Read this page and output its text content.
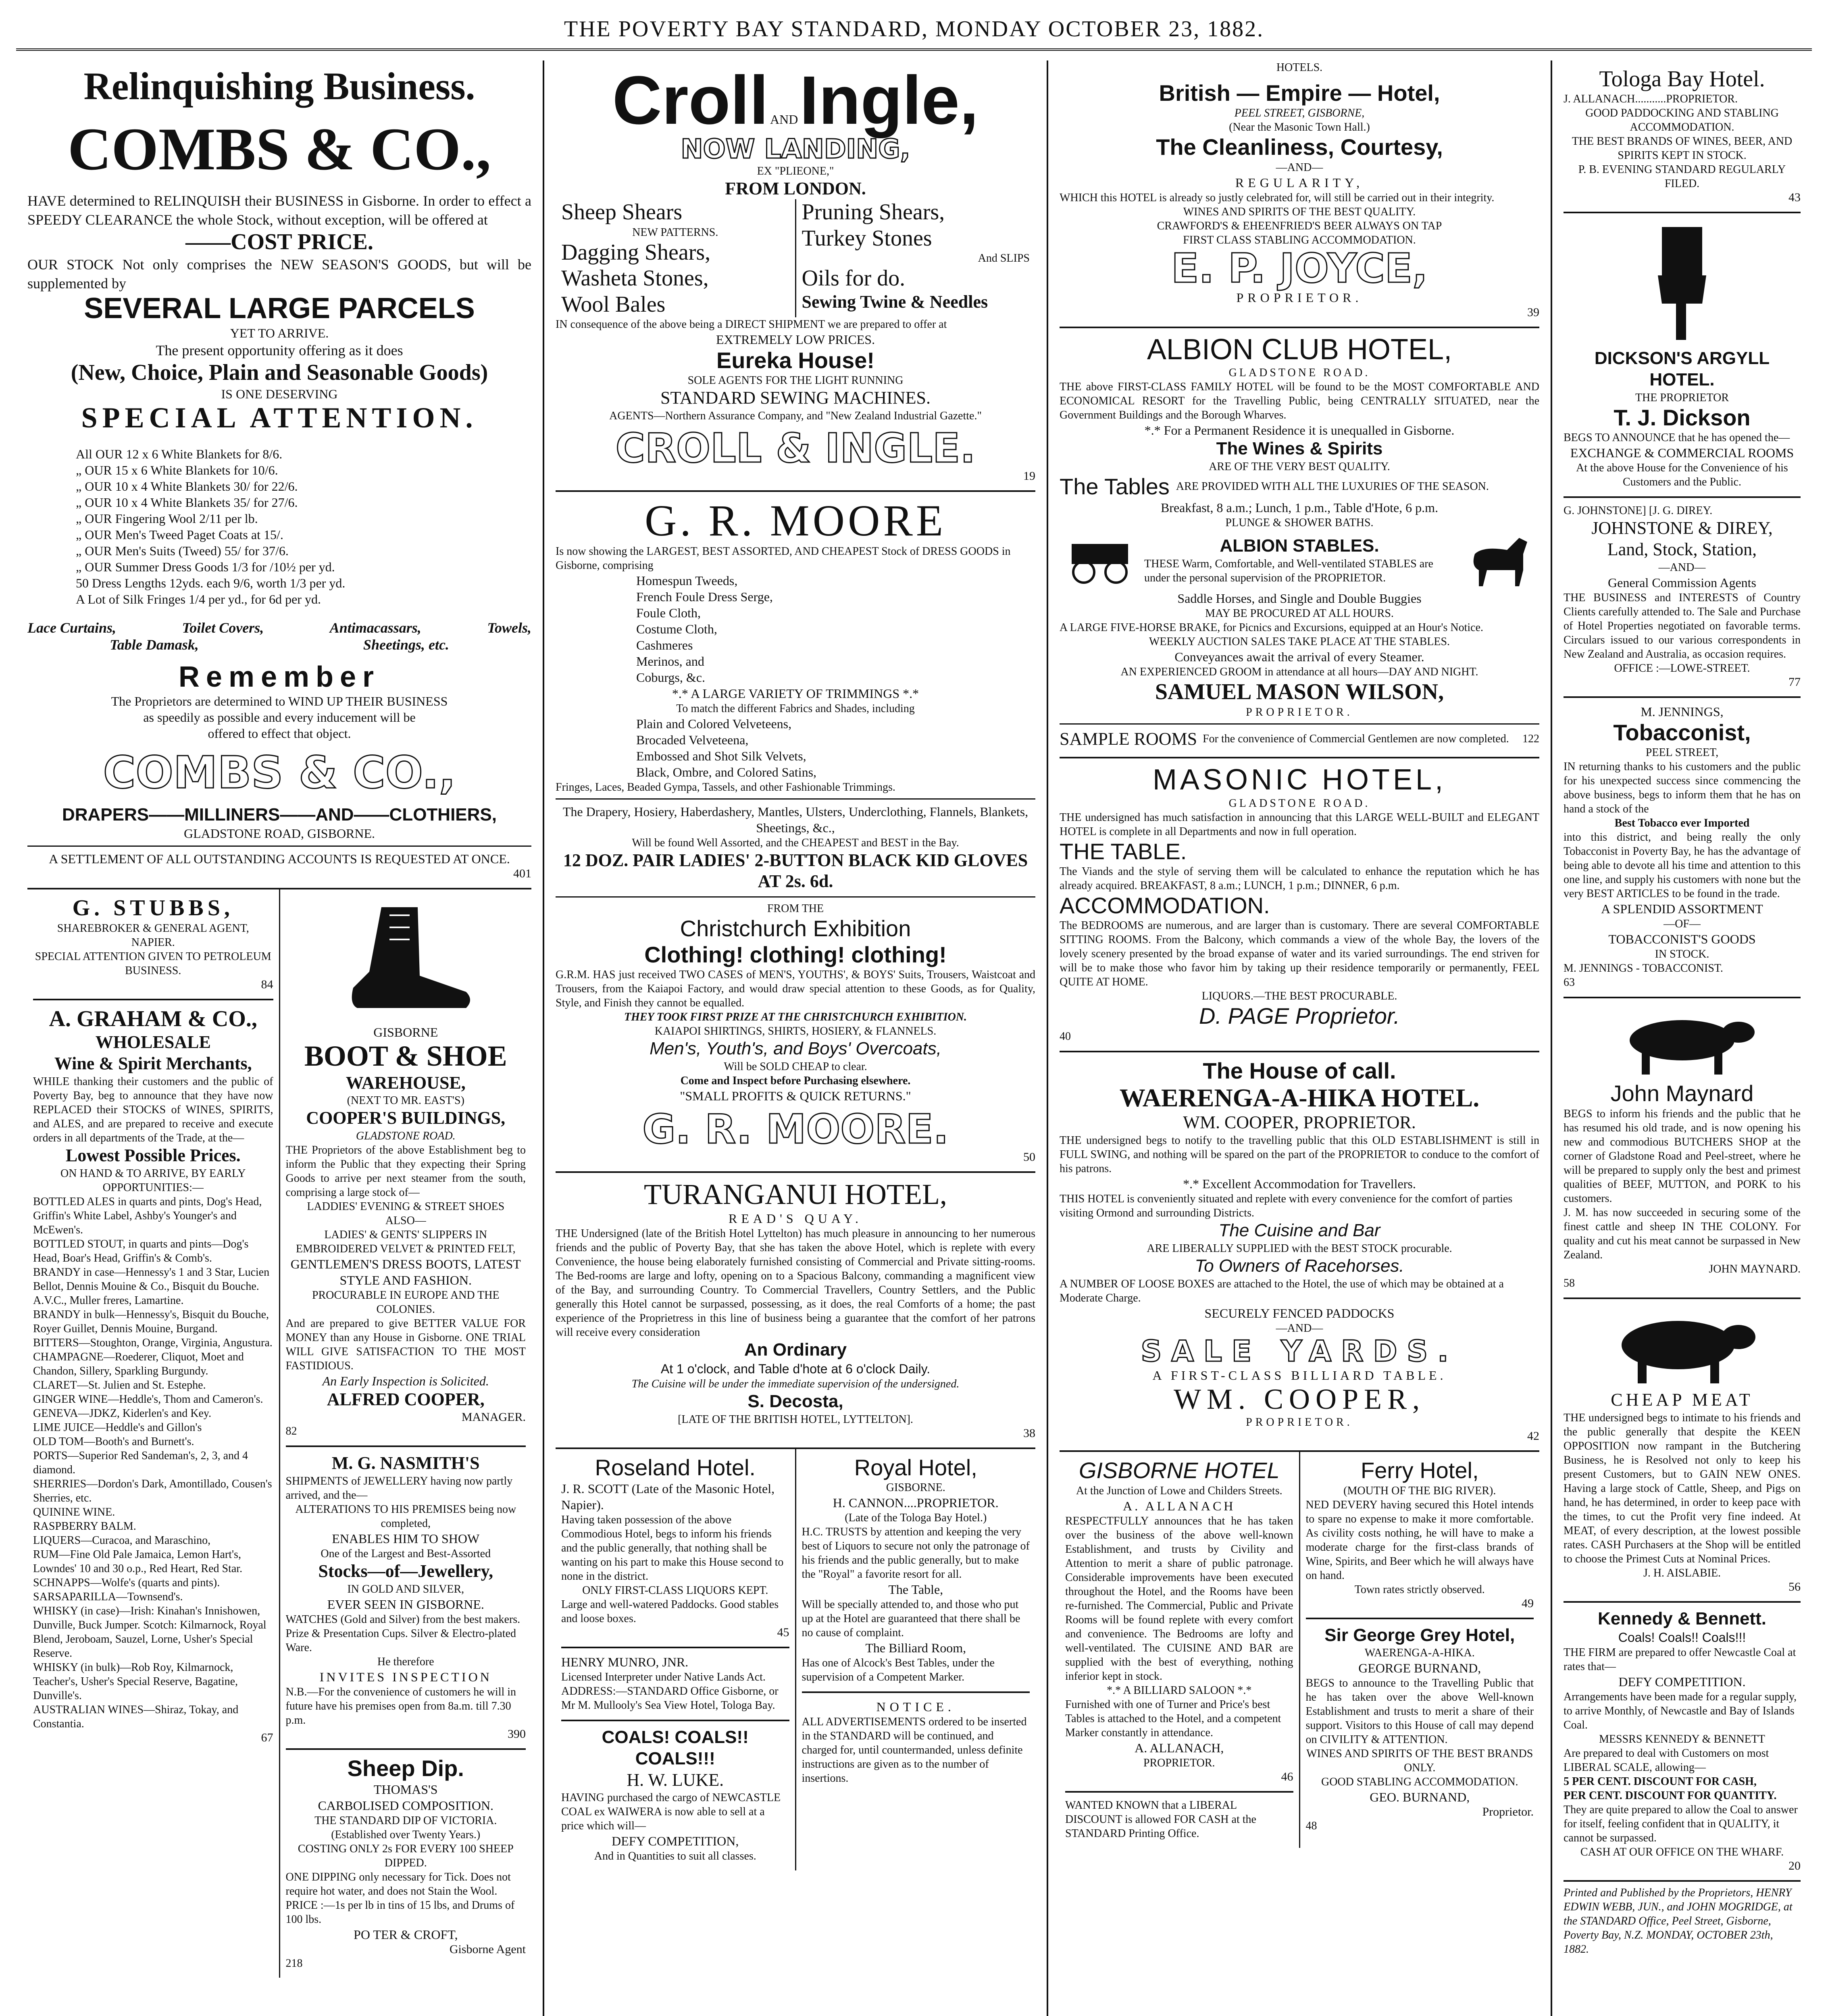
THE POVERTY BAY STANDARD, MONDAY OCTOBER 23, 1882.
Relinquishing Business.
COMBS & CO.,
HAVE determined to RELINQUISH their BUSINESS in Gisborne. In order to effect a SPEEDY CLEARANCE the whole Stock, without exception, will be offered at
——COST PRICE.
OUR STOCK Not only comprises the NEW SEASON'S GOODS, but will be supplemented by
SEVERAL LARGE PARCELS
YET TO ARRIVE.
The present opportunity offering as it does
(New, Choice, Plain and Seasonable Goods)
IS ONE DESERVING
SPECIAL ATTENTION.
All OUR 12 x 6 White Blankets for 8/6.
„ OUR 15 x 6 White Blankets for 10/6.
„ OUR 10 x 4 White Blankets 30/ for 22/6.
„ OUR 10 x 4 White Blankets 35/ for 27/6.
„ OUR Fingering Wool 2/11 per lb.
„ OUR Men's Tweed Paget Coats at 15/.
„ OUR Men's Suits (Tweed) 55/ for 37/6.
„ OUR Summer Dress Goods 1/3 for /10½ per yd.
50 Dress Lengths 12yds. each 9/6, worth 1/3 per yd.
A Lot of Silk Fringes 1/4 per yd., for 6d per yd.
Lace Curtains,	Toilet Covers,	Antimacassars,	Towels,
Table Damask,	Sheetings, etc.
Remember
The Proprietors are determined to WIND UP THEIR BUSINESS
as speedily as possible and every inducement will be
offered to effect that object.
COMBS & CO.,
DRAPERS——MILLINERS——AND——CLOTHIERS,
GLADSTONE ROAD, GISBORNE.
A SETTLEMENT OF ALL OUTSTANDING ACCOUNTS IS REQUESTED AT ONCE.
401
G. STUBBS,
SHAREBROKER & GENERAL AGENT,
NAPIER.
SPECIAL ATTENTION GIVEN TO PETROLEUM BUSINESS.
84
A. GRAHAM & CO.,
WHOLESALE
Wine & Spirit Merchants,
WHILE thanking their customers and the public of Poverty Bay, beg to announce that they have now REPLACED their STOCKS of WINES, SPIRITS, and ALES, and are prepared to receive and execute orders in all departments of the Trade, at the—
Lowest Possible Prices.
ON HAND & TO ARRIVE, BY EARLY OPPORTUNITIES:—
BOTTLED ALES in quarts and pints, Dog's Head, Griffin's White Label, Ashby's Younger's and McEwen's.
BOTTLED STOUT, in quarts and pints—Dog's Head, Boar's Head, Griffin's & Comb's.
BRANDY in case—Hennessy's 1 and 3 Star, Lucien Bellot, Dennis Mouine & Co., Bisquit du Bouche. A.V.C., Muller freres, Lamartine.
BRANDY in bulk—Hennessy's, Bisquit du Bouche, Royer Guillet, Dennis Mouine, Burgand.
BITTERS—Stoughton, Orange, Virginia, Angustura.
CHAMPAGNE—Roederer, Cliquot, Moet and Chandon, Sillery, Sparkling Burgundy.
CLARET—St. Julien and St. Estephe.
GINGER WINE—Heddle's, Thom and Cameron's.
GENEVA—JDKZ, Kiderlen's and Key.
LIME JUICE—Heddle's and Gillon's
OLD TOM—Booth's and Burnett's.
PORTS—Superior Red Sandeman's, 2, 3, and 4 diamond.
SHERRIES—Dordon's Dark, Amontillado, Cousen's Sherries, etc.
QUININE WINE.
RASPBERRY BALM.
LIQUERS—Curacoa, and Maraschino,
RUM—Fine Old Pale Jamaica, Lemon Hart's, Lowndes' 10 and 30 o.p., Red Heart, Red Star.
SCHNAPPS—Wolfe's (quarts and pints).
SARSAPARILLA—Townsend's.
WHISKY (in case)—Irish: Kinahan's Innishowen, Dunville, Buck Jumper. Scotch: Kilmarnock, Royal Blend, Jeroboam, Sauzel, Lorne, Usher's Special Reserve.
WHISKY (in bulk)—Rob Roy, Kilmarnock, Teacher's, Usher's Special Reserve, Bagatine, Dunville's.
AUSTRALIAN WINES—Shiraz, Tokay, and Constantia.
67
GISBORNE
BOOT & SHOE
WAREHOUSE,
(NEXT TO MR. EAST'S)
COOPER'S BUILDINGS,
GLADSTONE ROAD.
THE Proprietors of the above Establishment beg to inform the Public that they expecting their Spring Goods to arrive per next steamer from the south, comprising a large stock of—
LADDIES' EVENING & STREET SHOES
ALSO—
LADIES' & GENTS' SLIPPERS IN EMBROIDERED VELVET & PRINTED FELT,
GENTLEMEN'S DRESS BOOTS, LATEST STYLE AND FASHION.
PROCURABLE IN EUROPE AND THE COLONIES.
And are prepared to give BETTER VALUE FOR MONEY than any House in Gisborne. ONE TRIAL WILL GIVE SATISFACTION TO THE MOST FASTIDIOUS.
An Early Inspection is Solicited.
ALFRED COOPER,
MANAGER.
82
M. G. NASMITH'S
SHIPMENTS of JEWELLERY having now partly arrived, and the—
ALTERATIONS TO HIS PREMISES being now completed,
ENABLES HIM TO SHOW
One of the Largest and Best-Assorted
Stocks—of—Jewellery,
IN GOLD AND SILVER,
EVER SEEN IN GISBORNE.
WATCHES (Gold and Silver) from the best makers. Prize & Presentation Cups. Silver & Electro-plated Ware.
He therefore
INVITES INSPECTION
N.B.—For the convenience of customers he will in future have his premises open from 8a.m. till 7.30 p.m.
390
Sheep Dip.
THOMAS'S
CARBOLISED COMPOSITION.
THE STANDARD DIP OF VICTORIA.
(Established over Twenty Years.)
COSTING ONLY 2s FOR EVERY 100 SHEEP DIPPED.
ONE DIPPING only necessary for Tick. Does not require hot water, and does not Stain the Wool.
PRICE :—1s per lb in tins of 15 lbs, and Drums of 100 lbs.
PO TER & CROFT,
Gisborne Agent
218
Croll AND Ingle,
NOW LANDING,
EX "PLIEONE,"
FROM LONDON.
Sheep Shears
NEW PATTERNS.
Dagging Shears,
Washeta Stones,
Wool Bales
Pruning Shears,
Turkey Stones
And SLIPS
Oils for do.
Sewing Twine & Needles
IN consequence of the above being a DIRECT SHIPMENT we are prepared to offer at
EXTREMELY LOW PRICES.
Eureka House!
SOLE AGENTS FOR THE LIGHT RUNNING
STANDARD SEWING MACHINES.
AGENTS—Northern Assurance Company, and "New Zealand Industrial Gazette."
CROLL & INGLE.
19
G. R. MOORE
Is now showing the LARGEST, BEST ASSORTED, AND CHEAPEST Stock of DRESS GOODS in Gisborne, comprising
Homespun Tweeds,
French Foule Dress Serge,
Foule Cloth,
Costume Cloth,
Cashmeres
Merinos, and
Coburgs, &c.
*.* A LARGE VARIETY OF TRIMMINGS *.*
To match the different Fabrics and Shades, including
Plain and Colored Velveteens,
Brocaded Velveteena,
Embossed and Shot Silk Velvets,
Black, Ombre, and Colored Satins,
Fringes, Laces, Beaded Gympa, Tassels, and other Fashionable Trimmings.
The Drapery, Hosiery, Haberdashery, Mantles, Ulsters, Underclothing, Flannels, Blankets, Sheetings, &c.,
Will be found Well Assorted, and the CHEAPEST and BEST in the Bay.
12 DOZ. PAIR LADIES' 2-BUTTON BLACK KID GLOVES AT 2s. 6d.
FROM THE
Christchurch Exhibition
Clothing! clothing! clothing!
G.R.M. HAS just received TWO CASES of MEN'S, YOUTHS', & BOYS' Suits, Trousers, Waistcoat and Trousers, from the Kaiapoi Factory, and would draw special attention to these Goods, as for Quality, Style, and Finish they cannot be equalled.
THEY TOOK FIRST PRIZE AT THE CHRISTCHURCH EXHIBITION.
KAIAPOI SHIRTINGS, SHIRTS, HOSIERY, & FLANNELS.
Men's, Youth's, and Boys' Overcoats,
Will be SOLD CHEAP to clear.
Come and Inspect before Purchasing elsewhere.
"SMALL PROFITS & QUICK RETURNS."
G. R. MOORE.
50
TURANGANUI HOTEL,
READ'S QUAY.
THE Undersigned (late of the British Hotel Lyttelton) has much pleasure in announcing to her numerous friends and the public of Poverty Bay, that she has taken the above Hotel, which is replete with every Convenience, the house being elaborately furnished consisting of Commercial and Private sitting-rooms. The Bed-rooms are large and lofty, opening on to a Spacious Balcony, commanding a magnificent view of the Bay, and surrounding Country. To Commercial Travellers, Country Settlers, and the Public generally this Hotel cannot be surpassed, possessing, as it does, the real Comforts of a home; the past experience of the Proprietress in this line of business being a guarantee that the comfort of her patrons will receive every consideration
An Ordinary
At 1 o'clock, and Table d'hote at 6 o'clock Daily.
The Cuisine will be under the immediate supervision of the undersigned.
S. Decosta,
[LATE OF THE BRITISH HOTEL, LYTTELTON].
38
Roseland Hotel.
J. R. SCOTT (Late of the Masonic Hotel, Napier).
Having taken possession of the above Commodious Hotel, begs to inform his friends and the public generally, that nothing shall be wanting on his part to make this House second to none in the district.
ONLY FIRST-CLASS LIQUORS KEPT.
Large and well-watered Paddocks. Good stables and loose boxes.
45
HENRY MUNRO, JNR.
Licensed Interpreter under Native Lands Act.
ADDRESS:—STANDARD Office Gisborne, or Mr M. Mullooly's Sea View Hotel, Tologa Bay.
COALS! COALS!! COALS!!!
H. W. LUKE.
HAVING purchased the cargo of NEWCASTLE COAL ex WAIWERA is now able to sell at a price which will—
DEFY COMPETITION,
And in Quantities to suit all classes.
Royal Hotel,
GISBORNE.
H. CANNON....PROPRIETOR.
(Late of the Tologa Bay Hotel.)
H.C. TRUSTS by attention and keeping the very best of Liquors to secure not only the patronage of his friends and the public generally, but to make the "Royal" a favorite resort for all.
The Table,
Will be specially attended to, and those who put up at the Hotel are guaranteed that there shall be no cause of complaint.
The Billiard Room,
Has one of Alcock's Best Tables, under the supervision of a Competent Marker.
NOTICE.
ALL ADVERTISEMENTS ordered to be inserted in the STANDARD will be continued, and charged for, until countermanded, unless definite instructions are given as to the number of insertions.
HOTELS.
British — Empire — Hotel,
PEEL STREET, GISBORNE,
(Near the Masonic Town Hall.)
The Cleanliness, Courtesy,
—AND—
REGULARITY,
WHICH this HOTEL is already so justly celebrated for, will still be carried out in their integrity.
WINES AND SPIRITS OF THE BEST QUALITY.
CRAWFORD'S & EHEENFRIED'S BEER ALWAYS ON TAP
FIRST CLASS STABLING ACCOMMODATION.
E. P. JOYCE,
PROPRIETOR.
39
ALBION CLUB HOTEL,
GLADSTONE ROAD.
THE above FIRST-CLASS FAMILY HOTEL will be found to be the MOST COMFORTABLE AND ECONOMICAL RESORT for the Travelling Public, being CENTRALLY SITUATED, near the Government Buildings and the Borough Wharves.
*.* For a Permanent Residence it is unequalled in Gisborne.
The Wines & Spirits
ARE OF THE VERY BEST QUALITY.
The Tables ARE PROVIDED WITH ALL THE LUXURIES OF THE SEASON.
Breakfast, 8 a.m.; Lunch, 1 p.m., Table d'Hote, 6 p.m.
PLUNGE & SHOWER BATHS.
ALBION STABLES.
THESE Warm, Comfortable, and Well-ventilated STABLES are under the personal supervision of the PROPRIETOR.
Saddle Horses, and Single and Double Buggies
MAY BE PROCURED AT ALL HOURS.
A LARGE FIVE-HORSE BRAKE, for Picnics and Excursions, equipped at an Hour's Notice.
WEEKLY AUCTION SALES TAKE PLACE AT THE STABLES.
Conveyances await the arrival of every Steamer.
AN EXPERIENCED GROOM in attendance at all hours—DAY AND NIGHT.
SAMUEL MASON WILSON,
PROPRIETOR.
SAMPLE ROOMS For the convenience of Commercial Gentlemen are now completed.	122
MASONIC HOTEL,
GLADSTONE ROAD.
THE undersigned has much satisfaction in announcing that this LARGE WELL-BUILT and ELEGANT HOTEL is complete in all Departments and now in full operation.
THE TABLE.
The Viands and the style of serving them will be calculated to enhance the reputation which he has already acquired. BREAKFAST, 8 a.m.; LUNCH, 1 p.m.; DINNER, 6 p.m.
ACCOMMODATION.
The BEDROOMS are numerous, and are larger than is customary. There are several COMFORTABLE SITTING ROOMS. From the Balcony, which commands a view of the whole Bay, the lovers of the lovely scenery presented by the broad expanse of water and its varied surroundings. The end striven for will be to make those who favor him by taking up their residence temporarily or permanently, FEEL QUITE AT HOME.
LIQUORS.—THE BEST PROCURABLE.
D. PAGE Proprietor.
40
The House of call.
WAERENGA-A-HIKA HOTEL.
WM. COOPER, PROPRIETOR.
THE undersigned begs to notify to the travelling public that this OLD ESTABLISHMENT is still in FULL SWING, and nothing will be spared on the part of the PROPRIETOR to conduce to the comfort of his patrons.
*.* Excellent Accommodation for Travellers.
THIS HOTEL is conveniently situated and replete with every convenience for the comfort of parties visiting Ormond and surrounding Districts.
The Cuisine and Bar
ARE LIBERALLY SUPPLIED with the BEST STOCK procurable.
To Owners of Racehorses.
A NUMBER OF LOOSE BOXES are attached to the Hotel, the use of which may be obtained at a Moderate Charge.
SECURELY FENCED PADDOCKS
—AND—
SALE YARDS.
A FIRST-CLASS BILLIARD TABLE.
WM. COOPER,
PROPRIETOR.
42
GISBORNE HOTEL
At the Junction of Lowe and Childers Streets.
A. ALLANACH
RESPECTFULLY announces that he has taken over the business of the above well-known Establishment, and trusts by Civility and Attention to merit a share of public patronage. Considerable improvements have been executed throughout the Hotel, and the Rooms have been re-furnished. The Commercial, Public and Private Rooms will be found replete with every comfort and convenience. The Bedrooms are lofty and well-ventilated. The CUISINE AND BAR are supplied with the best of everything, nothing inferior kept in stock.
*.* A BILLIARD SALOON *.*
Furnished with one of Turner and Price's best Tables is attached to the Hotel, and a competent Marker constantly in attendance.
A. ALLANACH,
PROPRIETOR.
46
WANTED KNOWN that a LIBERAL DISCOUNT is allowed FOR CASH at the STANDARD Printing Office.
Ferry Hotel,
(MOUTH OF THE BIG RIVER).
NED DEVERY having secured this Hotel intends to spare no expense to make it more comfortable. As civility costs nothing, he will have to make a moderate charge for the first-class brands of Wine, Spirits, and Beer which he will always have on hand.
Town rates strictly observed.
49
Sir George Grey Hotel,
WAERENGA-A-HIKA.
GEORGE BURNAND,
BEGS to announce to the Travelling Public that he has taken over the above Well-known Establishment and trusts to merit a share of their support. Visitors to this House of call may depend on CIVILITY & ATTENTION.
WINES AND SPIRITS OF THE BEST BRANDS ONLY.
GOOD STABLING ACCOMMODATION.
GEO. BURNAND,
Proprietor.
48
Tologa Bay Hotel.
J. ALLANACH...........PROPRIETOR.
GOOD PADDOCKING AND STABLING ACCOMMODATION.
THE BEST BRANDS OF WINES, BEER, AND SPIRITS KEPT IN STOCK.
P. B. EVENING STANDARD REGULARLY FILED.
43
DICKSON'S ARGYLL HOTEL.
THE PROPRIETOR
T. J. Dickson
BEGS TO ANNOUNCE that he has opened the—
EXCHANGE & COMMERCIAL ROOMS
At the above House for the Convenience of his Customers and the Public.
G. JOHNSTONE] [J. G. DIREY.
JOHNSTONE & DIREY,
Land, Stock, Station,
—AND—
General Commission Agents
THE BUSINESS and INTERESTS of Country Clients carefully attended to. The Sale and Purchase of Hotel Properties negotiated on favorable terms. Circulars issued to our various correspondents in New Zealand and Australia, as occasion requires.
OFFICE :—LOWE-STREET.
77
M. JENNINGS,
Tobacconist,
PEEL STREET,
IN returning thanks to his customers and the public for his unexpected success since commencing the above business, begs to inform them that he has on hand a stock of the
Best Tobacco ever Imported
into this district, and being really the only Tobacconist in Poverty Bay, he has the advantage of being able to devote all his time and attention to this one line, and supply his customers with none but the very BEST ARTICLES to be found in the trade.
A SPLENDID ASSORTMENT
—OF—
TOBACCONIST'S GOODS
IN STOCK.
M. JENNINGS - TOBACCONIST.
63
John Maynard
BEGS to inform his friends and the public that he has resumed his old trade, and is now opening his new and commodious BUTCHERS SHOP at the corner of Gladstone Road and Peel-street, where he will be prepared to supply only the best and primest qualities of BEEF, MUTTON, and PORK to his customers.
J. M. has now succeeded in securing some of the finest cattle and sheep IN THE COLONY. For quality and cut his meat cannot be surpassed in New Zealand.
JOHN MAYNARD.
58
CHEAP MEAT
THE undersigned begs to intimate to his friends and the public generally that despite the KEEN OPPOSITION now rampant in the Butchering Business, he is Resolved not only to keep his present Customers, but to GAIN NEW ONES. Having a large stock of Cattle, Sheep, and Pigs on hand, he has determined, in order to keep pace with the times, to cut the Profit very fine indeed. At MEAT, of every description, at the lowest possible rates. CASH Purchasers at the Shop will be entitled to choose the Primest Cuts at Nominal Prices.
J. H. AISLABIE.
56
Kennedy & Bennett.
Coals! Coals!! Coals!!!
THE FIRM are prepared to offer Newcastle Coal at rates that—
DEFY COMPETITION.
Arrangements have been made for a regular supply, to arrive Monthly, of Newcastle and Bay of Islands Coal.
MESSRS KENNEDY & BENNETT
Are prepared to deal with Customers on most LIBERAL SCALE, allowing—
5 PER CENT. DISCOUNT FOR CASH,
PER CENT. DISCOUNT FOR QUANTITY.
They are quite prepared to allow the Coal to answer for itself, feeling confident that in QUALITY, it cannot be surpassed.
CASH AT OUR OFFICE ON THE WHARF.
20
Printed and Published by the Proprietors, HENRY EDWIN WEBB, JUN., and JOHN MOGRIDGE, at the STANDARD Office, Peel Street, Gisborne, Poverty Bay, N.Z. MONDAY, OCTOBER 23th, 1882.
